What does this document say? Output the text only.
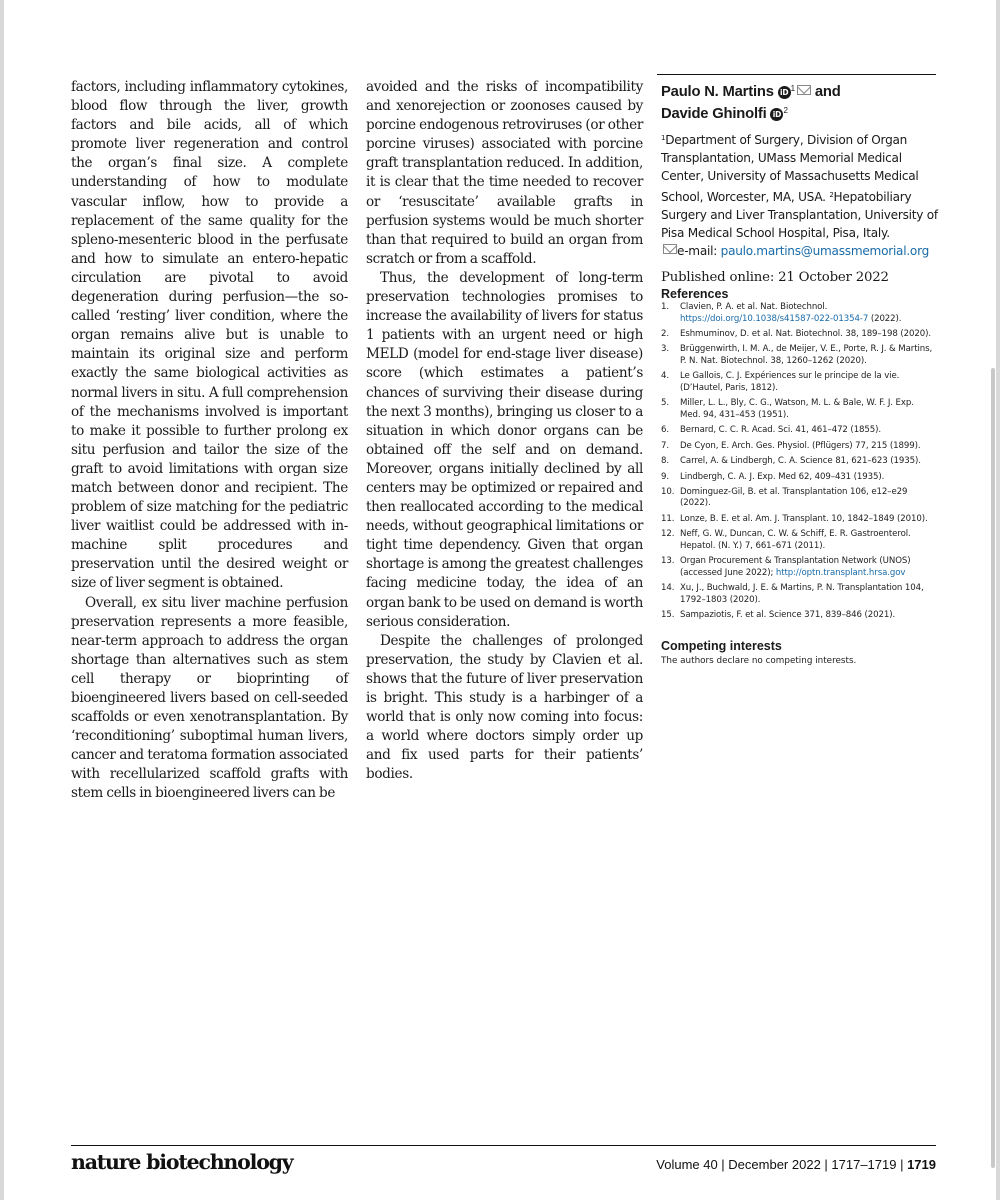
factors, including inflammatory cytokines, blood flow through the liver, growth factors and bile acids, all of which promote liver regeneration and control the organ’s final size. A complete understanding of how to modulate vascular inflow, how to provide a replacement of the same quality for the spleno-mesenteric blood in the perfusate and how to simulate an entero-hepatic circulation are pivotal to avoid degeneration during perfusion—the so-called ‘resting’ liver condition, where the organ remains alive but is unable to maintain its original size and perform exactly the same biological activities as normal livers in situ. A full comprehension of the mechanisms involved is important to make it possible to further prolong ex situ perfusion and tailor the size of the graft to avoid limitations with organ size match between donor and recipient. The problem of size matching for the pediatric liver waitlist could be addressed with in-machine split procedures and preservation until the desired weight or size of liver segment is obtained.

Overall, ex situ liver machine perfusion preservation represents a more feasible, near-term approach to address the organ shortage than alternatives such as stem cell therapy or bioprinting of bioengineered livers based on cell-seeded scaffolds or even xenotransplantation. By ‘reconditioning’ suboptimal human livers, cancer and teratoma formation associated with recellularized scaffold grafts with stem cells in bioengineered livers can be

avoided and the risks of incompatibility and xenorejection or zoonoses caused by porcine endogenous retroviruses (or other porcine viruses) associated with porcine graft transplantation reduced. In addition, it is clear that the time needed to recover or ‘resuscitate’ available grafts in perfusion systems would be much shorter than that required to build an organ from scratch or from a scaffold.

Thus, the development of long-term preservation technologies promises to increase the availability of livers for status 1 patients with an urgent need or high MELD (model for end-stage liver disease) score (which estimates a patient’s chances of surviving their disease during the next 3 months), bringing us closer to a situation in which donor organs can be obtained off the self and on demand. Moreover, organs initially declined by all centers may be optimized or repaired and then reallocated according to the medical needs, without geographical limitations or tight time dependency. Given that organ shortage is among the greatest challenges facing medicine today, the idea of an organ bank to be used on demand is worth serious consideration.

Despite the challenges of prolonged preservation, the study by Clavien et al. shows that the future of liver preservation is bright. This study is a harbinger of a world that is only now coming into focus: a world where doctors simply order up and fix used parts for their patients’ bodies.

Paulo N. Martins iD $^1$ and
Davide Ghinolfi iD $^2$
$^1$Department of Surgery, Division of Organ Transplantation, UMass Memorial Medical Center, University of Massachusetts Medical School, Worcester, MA, USA. $^2$Hepatobiliary Surgery and Liver Transplantation, University of Pisa Medical School Hospital, Pisa, Italy.
e-mail: paulo.martins@umassmemorial.org
Published online: 21 October 2022
References
1.	Clavien, P. A. et al. Nat. Biotechnol. https://doi.org/10.1038/s41587-022-01354-7 (2022).
2.	Eshmuminov, D. et al. Nat. Biotechnol. 38, 189–198 (2020).
3.	Brüggenwirth, I. M. A., de Meijer, V. E., Porte, R. J. & Martins, P. N. Nat. Biotechnol. 38, 1260–1262 (2020).
4.	Le Gallois, C. J. Expériences sur le principe de la vie. (D’Hautel, Paris, 1812).
5.	Miller, L. L., Bly, C. G., Watson, M. L. & Bale, W. F. J. Exp. Med. 94, 431–453 (1951).
6.	Bernard, C. C. R. Acad. Sci. 41, 461–472 (1855).
7.	De Cyon, E. Arch. Ges. Physiol. (Pflügers) 77, 215 (1899).
8.	Carrel, A. & Lindbergh, C. A. Science 81, 621–623 (1935).
9.	Lindbergh, C. A. J. Exp. Med 62, 409–431 (1935).
10. Dominguez-Gil, B. et al. Transplantation 106, e12–e29 (2022).
11. Lonze, B. E. et al. Am. J. Transplant. 10, 1842–1849 (2010).
12. Neff, G. W., Duncan, C. W. & Schiff, E. R. Gastroenterol. Hepatol. (N. Y.) 7, 661–671 (2011).
13. Organ Procurement & Transplantation Network (UNOS) (accessed June 2022); http://optn.transplant.hrsa.gov
14. Xu, J., Buchwald, J. E. & Martins, P. N. Transplantation 104, 1792–1803 (2020).
15. Sampaziotis, F. et al. Science 371, 839–846 (2021).
Competing interests
The authors declare no competing interests.
nature biotechnology	Volume 40 | December 2022 | 1717–1719 | 1719
